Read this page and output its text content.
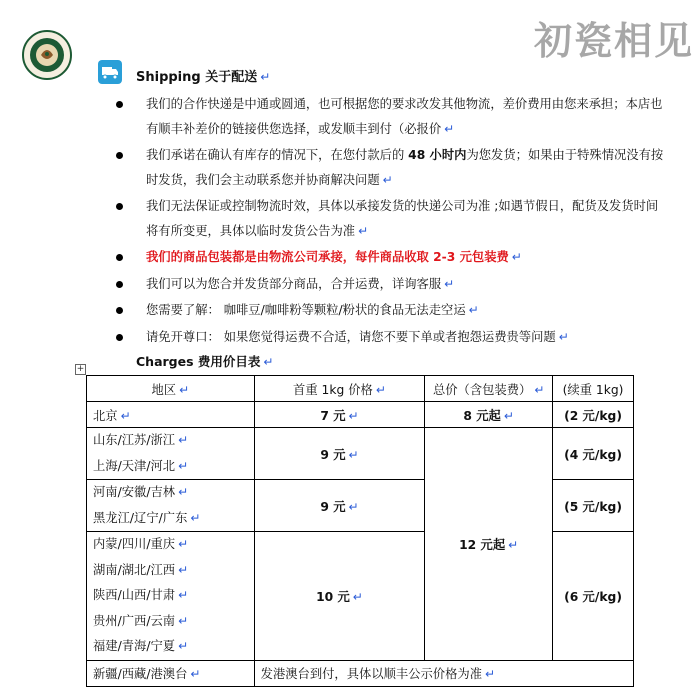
初瓷相见
Shipping 关于配送 ↵
我们的合作快递是中通或圆通，也可根据您的要求改发其他物流，差价费用由您来承担；本店也有顺丰补差价的链接供您选择，或发顺丰到付（必报价 ↵
我们承诺在确认有库存的情况下，在您付款后的 48 小时内为您发货；如果由于特殊情况没有按时发货，我们会主动联系您并协商解决问题 ↵
我们无法保证或控制物流时效，具体以承接发货的快递公司为准 ;如遇节假日，配货及发货时间将有所变更，具体以临时发货公告为准 ↵
我们的商品包装都是由物流公司承接，每件商品收取 2-3 元包装费 ↵
我们可以为您合并发货部分商品，合并运费，详询客服 ↵
您需要了解： 咖啡豆/咖啡粉等颗粒/粉状的食品无法走空运 ↵
请免开尊口： 如果您觉得运费不合适，请您不要下单或者抱怨运费贵等问题 ↵
Charges 费用价目表 ↵
+
地区 ↵	首重 1kg 价格 ↵	总价（含包装费） ↵	(续重 1kg)
北京 ↵	7 元 ↵	8 元起 ↵	(2 元/kg)

山东/江苏/浙江 ↵
上海/天津/河北 ↵	9 元 ↵	12 元起 ↵	(4 元/kg)

河南/安徽/吉林 ↵
黑龙江/辽宁/广东 ↵	9 元 ↵		(5 元/kg)

内蒙/四川/重庆 ↵
湖南/湖北/江西 ↵
陕西/山西/甘肃 ↵
贵州/广西/云南 ↵
福建/青海/宁夏 ↵	10 元 ↵		(6 元/kg)
新疆/西藏/港澳台 ↵	发港澳台到付，具体以顺丰公示价格为准 ↵		
